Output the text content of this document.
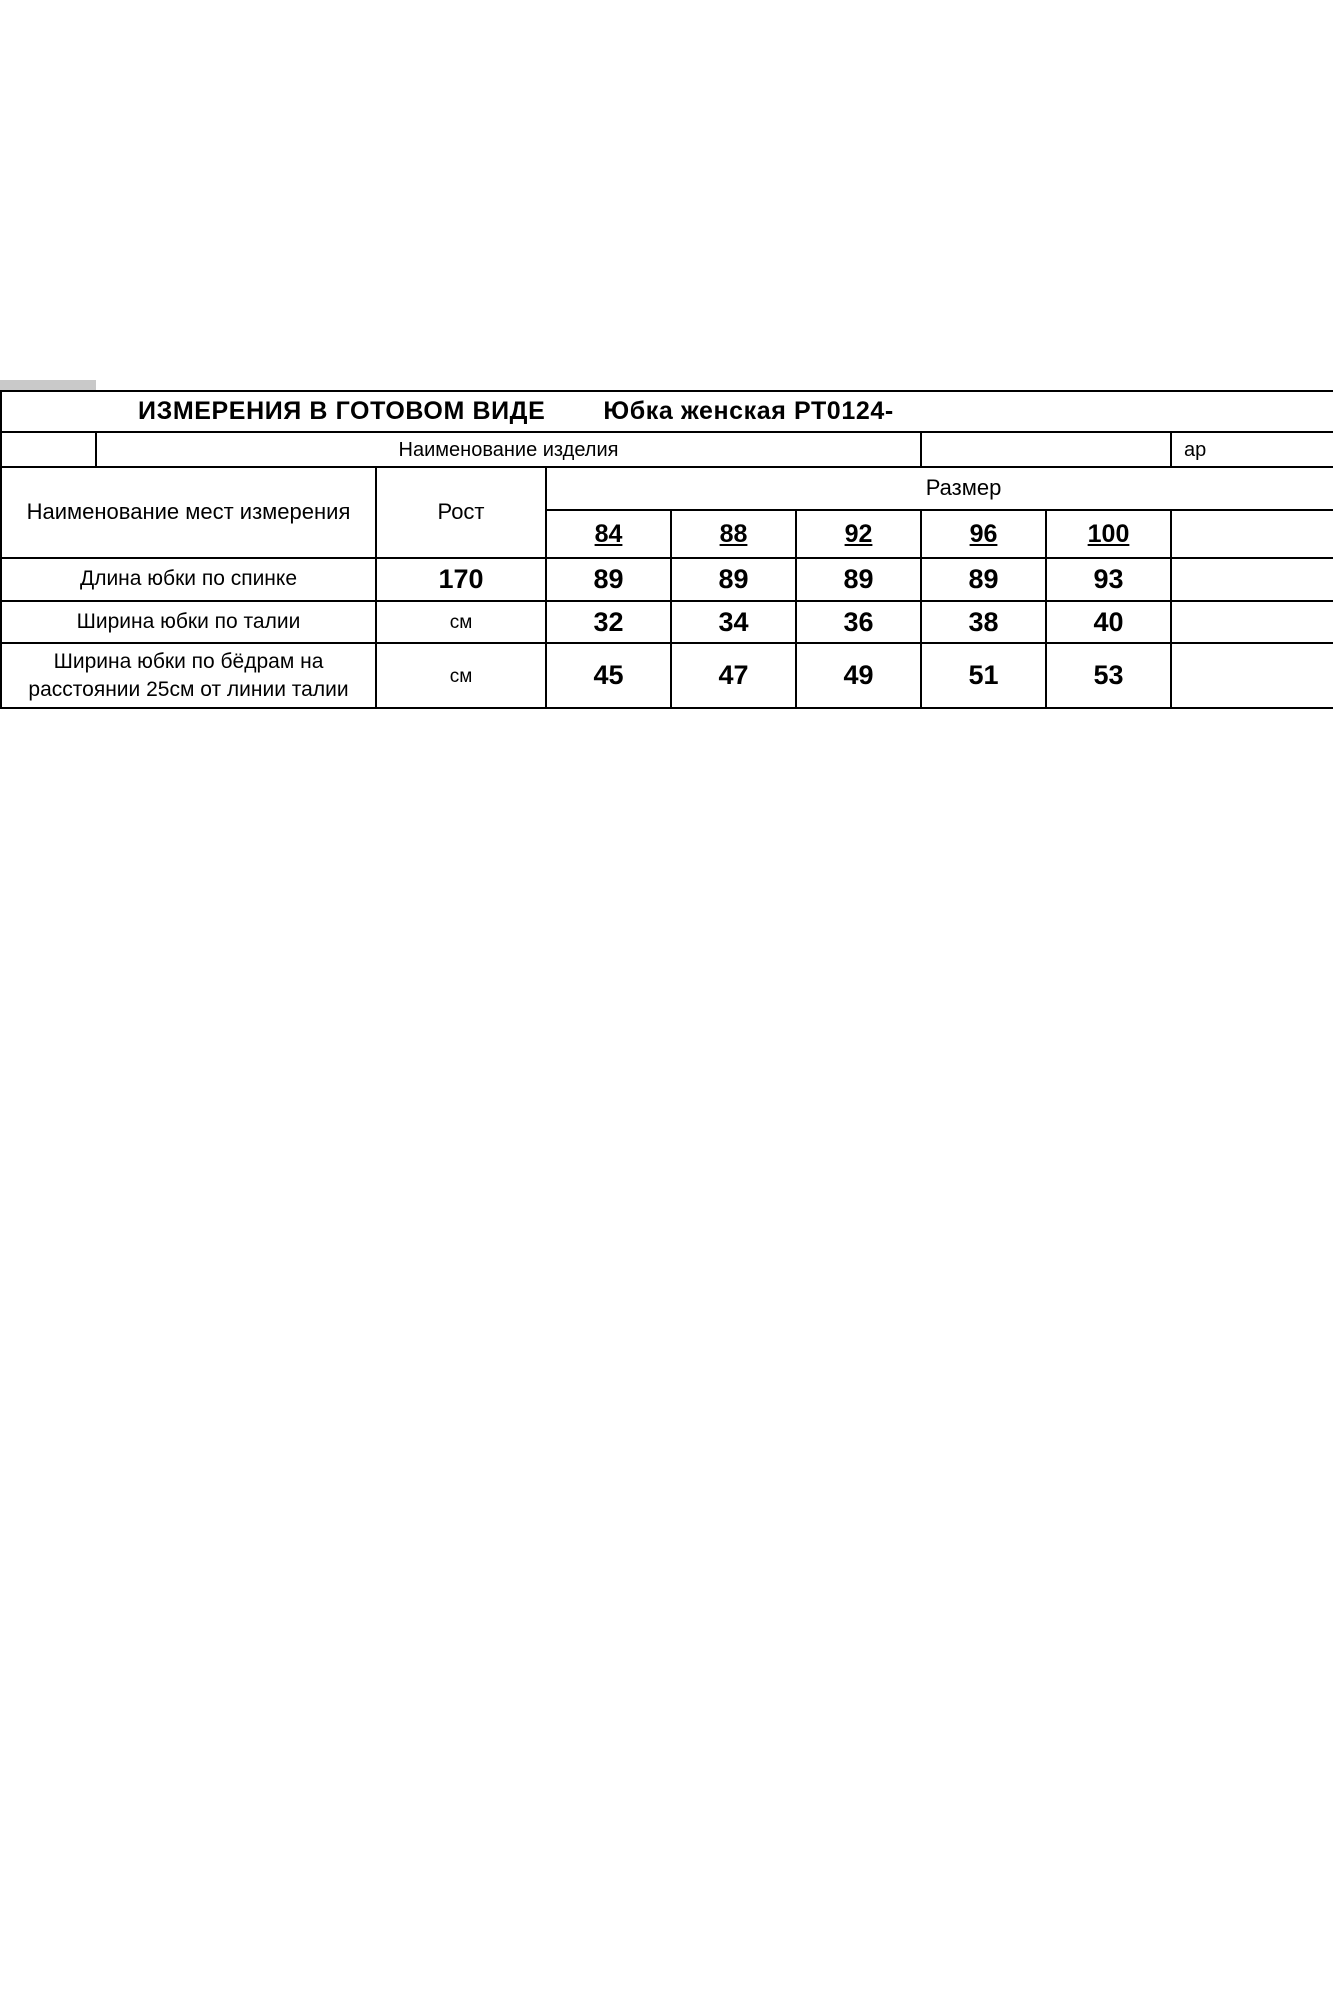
	ИЗМЕРЕНИЯ В ГОТОВОМ ВИДЕ Юбка женская РТ0124-								

		Наименование изделия							ар

	Наименование мест измерения		Рост	Размер					
				84	88	92	96	100	
	Длина юбки по спинке		170	89	89	89	89	93	
	Ширина юбки по талии		см	32	34	36	38	40	
	Ширина юбки по бёдрам на расстоянии 25см от линии талии		см	45	47	49	51	53	
